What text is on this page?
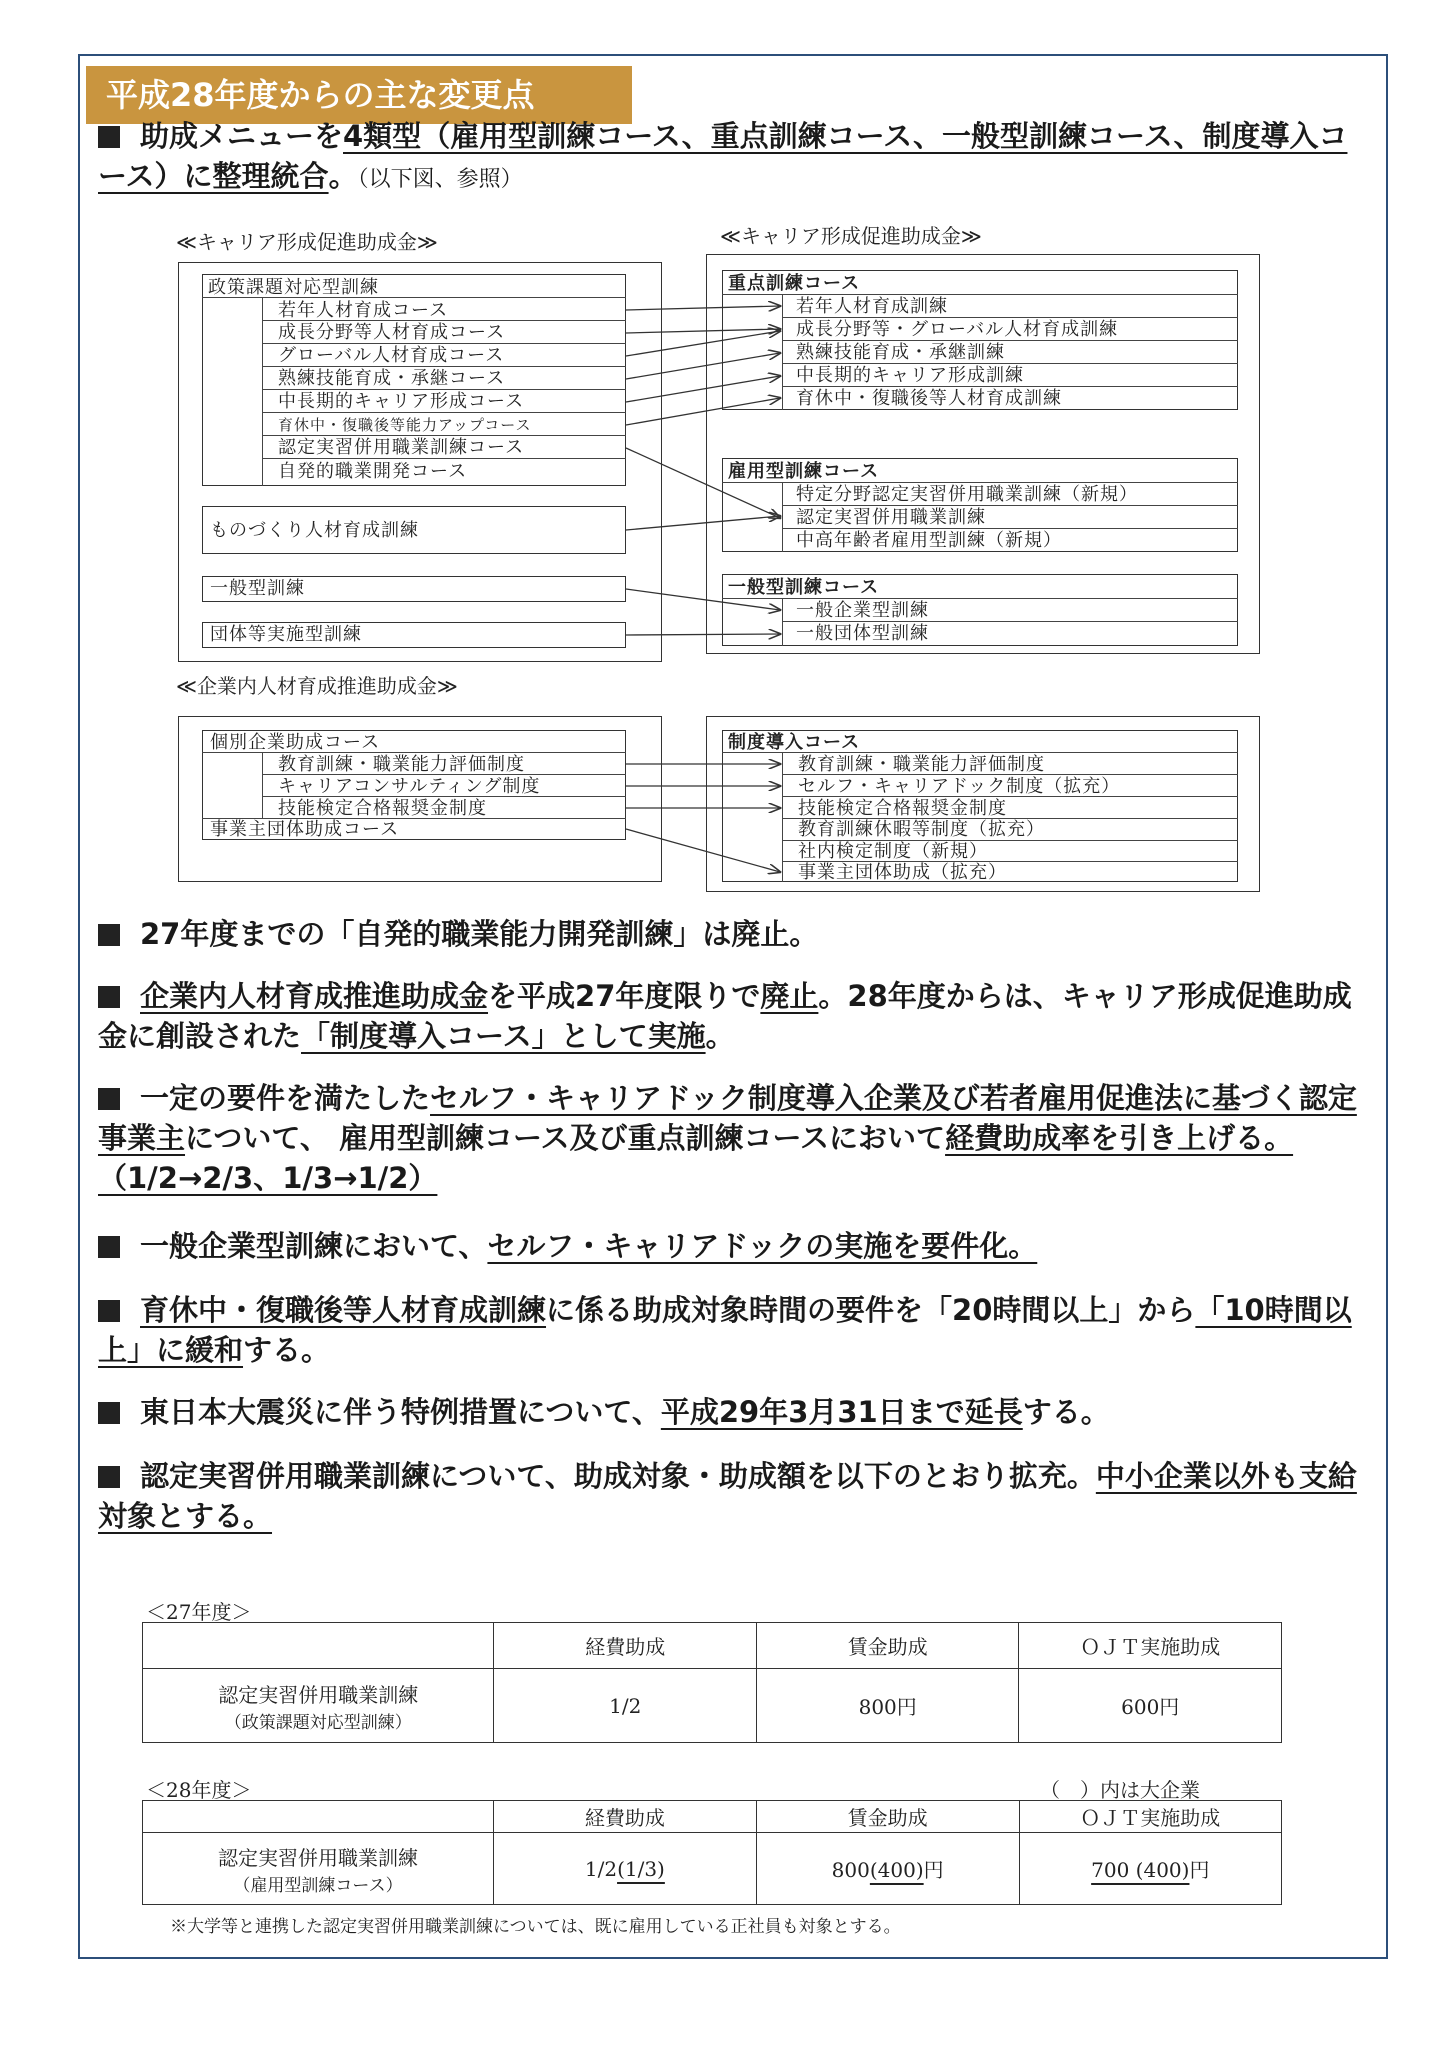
平成28年度からの主な変更点
助成メニューを4類型（雇用型訓練コース、重点訓練コース、一般型訓練コース、制度導入コース）に整理統合。（以下図、参照）
≪キャリア形成促進助成金≫	≪キャリア形成促進助成金≫
≪企業内人材育成推進助成金≫
政策課題対応型訓練
若年人材育成コース
成長分野等人材育成コース
グローバル人材育成コース
熟練技能育成・承継コース
中長期的キャリア形成コース
育休中・復職後等能力アップコース
認定実習併用職業訓練コース
自発的職業開発コース
ものづくり人材育成訓練
一般型訓練
団体等実施型訓練
個別企業助成コース
教育訓練・職業能力評価制度
キャリアコンサルティング制度
技能検定合格報奨金制度
事業主団体助成コース
重点訓練コース
若年人材育成訓練
成長分野等・グローバル人材育成訓練
熟練技能育成・承継訓練
中長期的キャリア形成訓練
育休中・復職後等人材育成訓練
雇用型訓練コース
特定分野認定実習併用職業訓練（新規）
認定実習併用職業訓練
中高年齢者雇用型訓練（新規）
一般型訓練コース
一般企業型訓練
一般団体型訓練
制度導入コース
教育訓練・職業能力評価制度
セルフ・キャリアドック制度（拡充）
技能検定合格報奨金制度
教育訓練休暇等制度（拡充）
社内検定制度（新規）
事業主団体助成（拡充）
27年度までの「自発的職業能力開発訓練」は廃止。
企業内人材育成推進助成金を平成27年度限りで廃止。28年度からは、キャリア形成促進助成金に創設された「制度導入コース」として実施。
一定の要件を満たしたセルフ・キャリアドック制度導入企業及び若者雇用促進法に基づく認定事業主について、 雇用型訓練コース及び重点訓練コースにおいて経費助成率を引き上げる。（1/2→2/3、1/3→1/2）
一般企業型訓練において、セルフ・キャリアドックの実施を要件化。
育休中・復職後等人材育成訓練に係る助成対象時間の要件を「20時間以上」から「10時間以上」に緩和する。
東日本大震災に伴う特例措置について、平成29年3月31日まで延長する。
認定実習併用職業訓練について、助成対象・助成額を以下のとおり拡充。中小企業以外も支給対象とする。
＜27年度＞
	経費助成	賃金助成	ＯＪＴ実施助成

認定実習併用職業訓練
（政策課題対応型訓練）	1/2	800円	600円
＜28年度＞	（　）内は大企業
	経費助成	賃金助成	ＯＪＴ実施助成

認定実習併用職業訓練
（雇用型訓練コース）	1/2(1/3)	800(400)円	700 (400)円
※大学等と連携した認定実習併用職業訓練については、既に雇用している正社員も対象とする。
